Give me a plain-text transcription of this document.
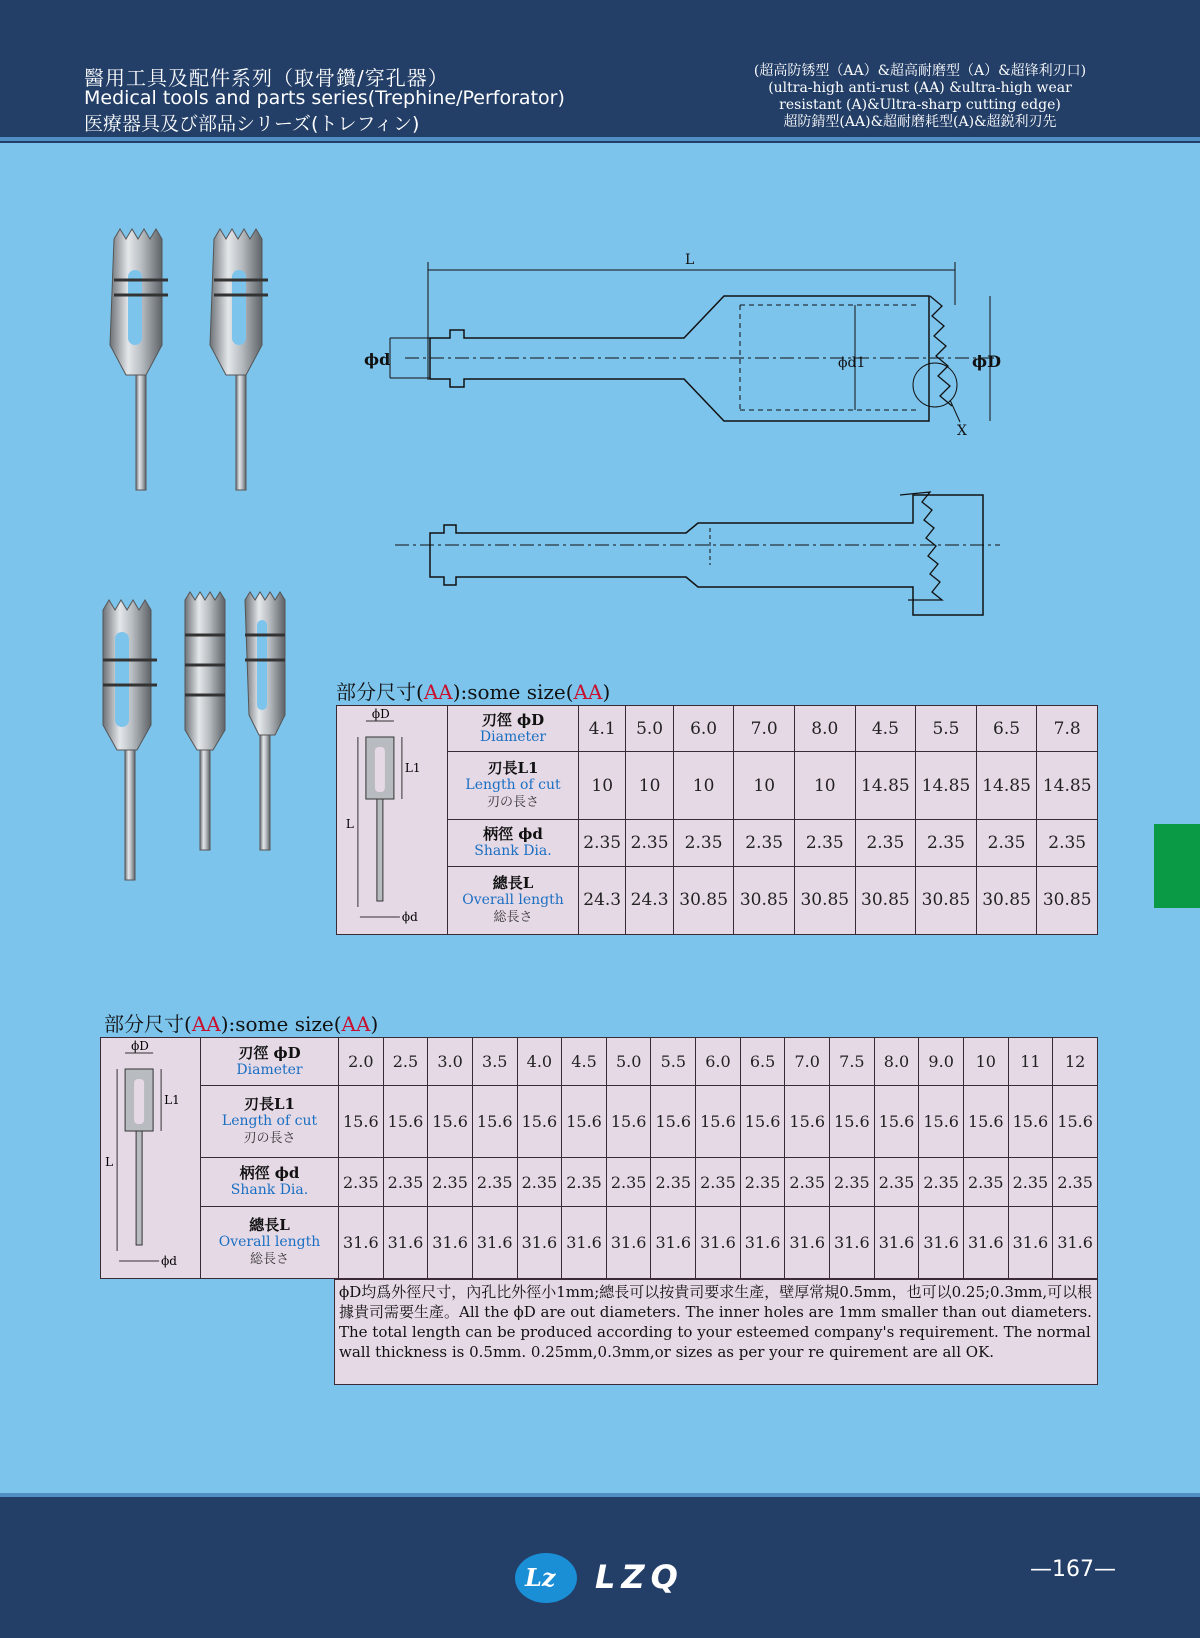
醫用工具及配件系列（取骨鑽/穿孔器）
Medical tools and parts series(Trephine/Perforator)
医療器具及び部品シリーズ(トレフィン)
(超高防锈型（AA）&超高耐磨型（A）&超锋利刃口)
(ultra-high anti-rust (AA) &ultra-high wear
resistant (A)&Ultra-sharp cutting edge)
超防錆型(AA)&超耐磨耗型(A)&超鋭利刃先
L
ϕd	ϕd1	ϕD
X
部分尺寸(AA):some size(AA)
ϕD
L1
L
ϕd	刃徑 ϕD
Diameter	4.1	5.0	6.0	7.0	8.0	4.5	5.5	6.5	7.8

	刃長L1
Length of cut
刃の長さ	10	10	10	10	10	14.85	14.85	14.85	14.85

	柄徑 ϕd
Shank Dia.	2.35	2.35	2.35	2.35	2.35	2.35	2.35	2.35	2.35

	總長L
Overall length
総長さ	24.3	24.3	30.85	30.85	30.85	30.85	30.85	30.85	30.85
部分尺寸(AA):some size(AA)
ϕD
L1
L
ϕd	刃徑 ϕD
Diameter	2.0	2.5	3.0	3.5	4.0	4.5	5.0	5.5	6.0	6.5	7.0	7.5	8.0	9.0	10	11	12

	刃長L1
Length of cut
刃の長さ	15.6	15.6	15.6	15.6	15.6	15.6	15.6	15.6	15.6	15.6	15.6	15.6	15.6	15.6	15.6	15.6	15.6

	柄徑 ϕd
Shank Dia.	2.35	2.35	2.35	2.35	2.35	2.35	2.35	2.35	2.35	2.35	2.35	2.35	2.35	2.35	2.35	2.35	2.35

	總長L
Overall length
総長さ	31.6	31.6	31.6	31.6	31.6	31.6	31.6	31.6	31.6	31.6	31.6	31.6	31.6	31.6	31.6	31.6	31.6
ϕD均爲外徑尺寸，內孔比外徑小1mm;總長可以按貴司要求生產，壁厚常規0.5mm，也可以0.25;0.3mm,可以根據貴司需要生產。All the ϕD are out diameters. The inner holes are 1mm smaller than out diameters. The total length can be produced according to your esteemed company's requirement. The normal wall thickness is 0.5mm. 0.25mm,0.3mm,or sizes as per your re quirement are all OK.
Lz LZQ	—167—
